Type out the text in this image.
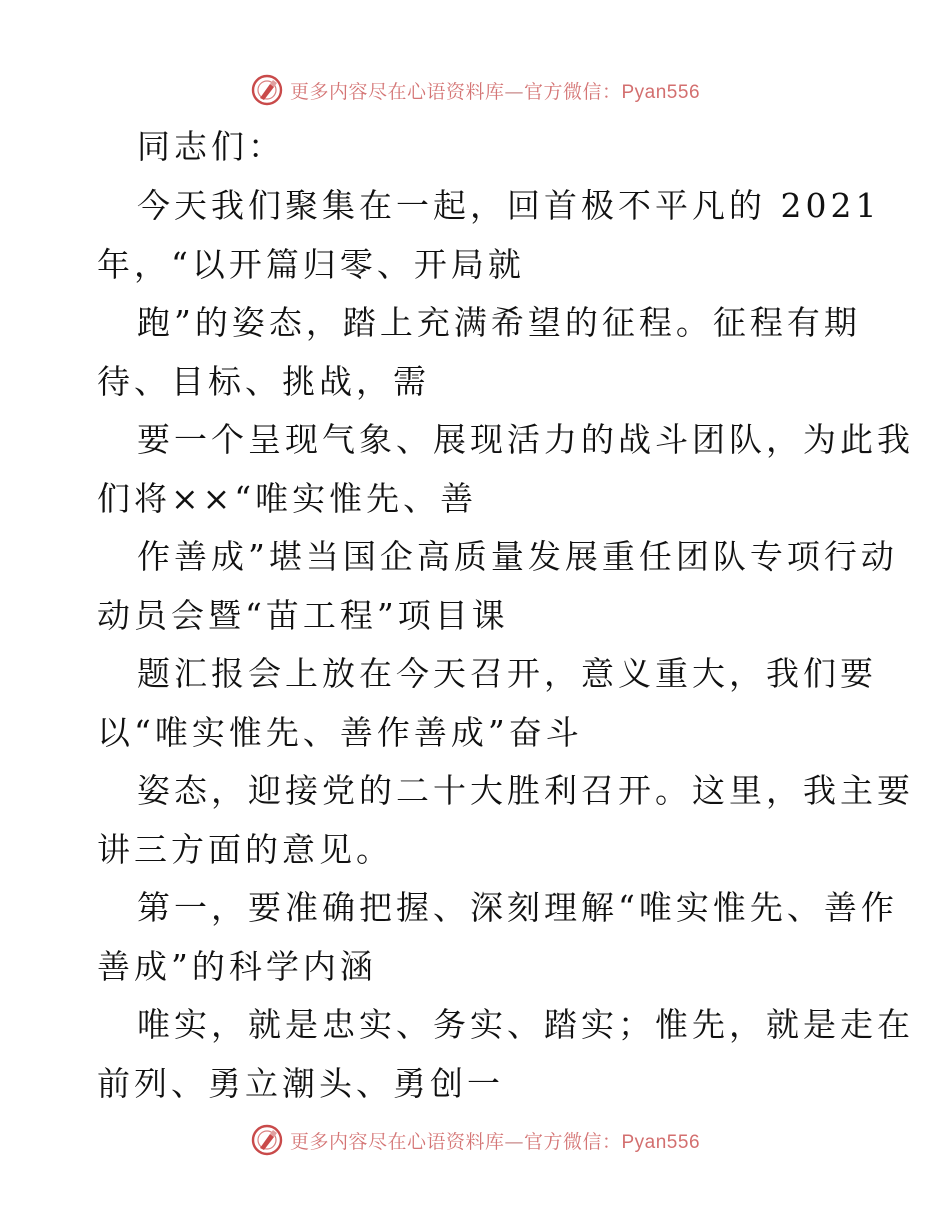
更多内容尽在心语资料库—官方微信：Pyan556
同志们：
今天我们聚集在一起，回首极不平凡的 2021
年，“以开篇归零、开局就
跑”的姿态，踏上充满希望的征程。征程有期
待、目标、挑战，需
要一个呈现气象、展现活力的战斗团队，为此我
们将××“唯实惟先、善
作善成”堪当国企高质量发展重任团队专项行动
动员会暨“苗工程”项目课
题汇报会上放在今天召开，意义重大，我们要
以“唯实惟先、善作善成”奋斗
姿态，迎接党的二十大胜利召开。这里，我主要
讲三方面的意见。
第一，要准确把握、深刻理解“唯实惟先、善作
善成”的科学内涵
唯实，就是忠实、务实、踏实；惟先，就是走在
前列、勇立潮头、勇创一
更多内容尽在心语资料库—官方微信：Pyan556
